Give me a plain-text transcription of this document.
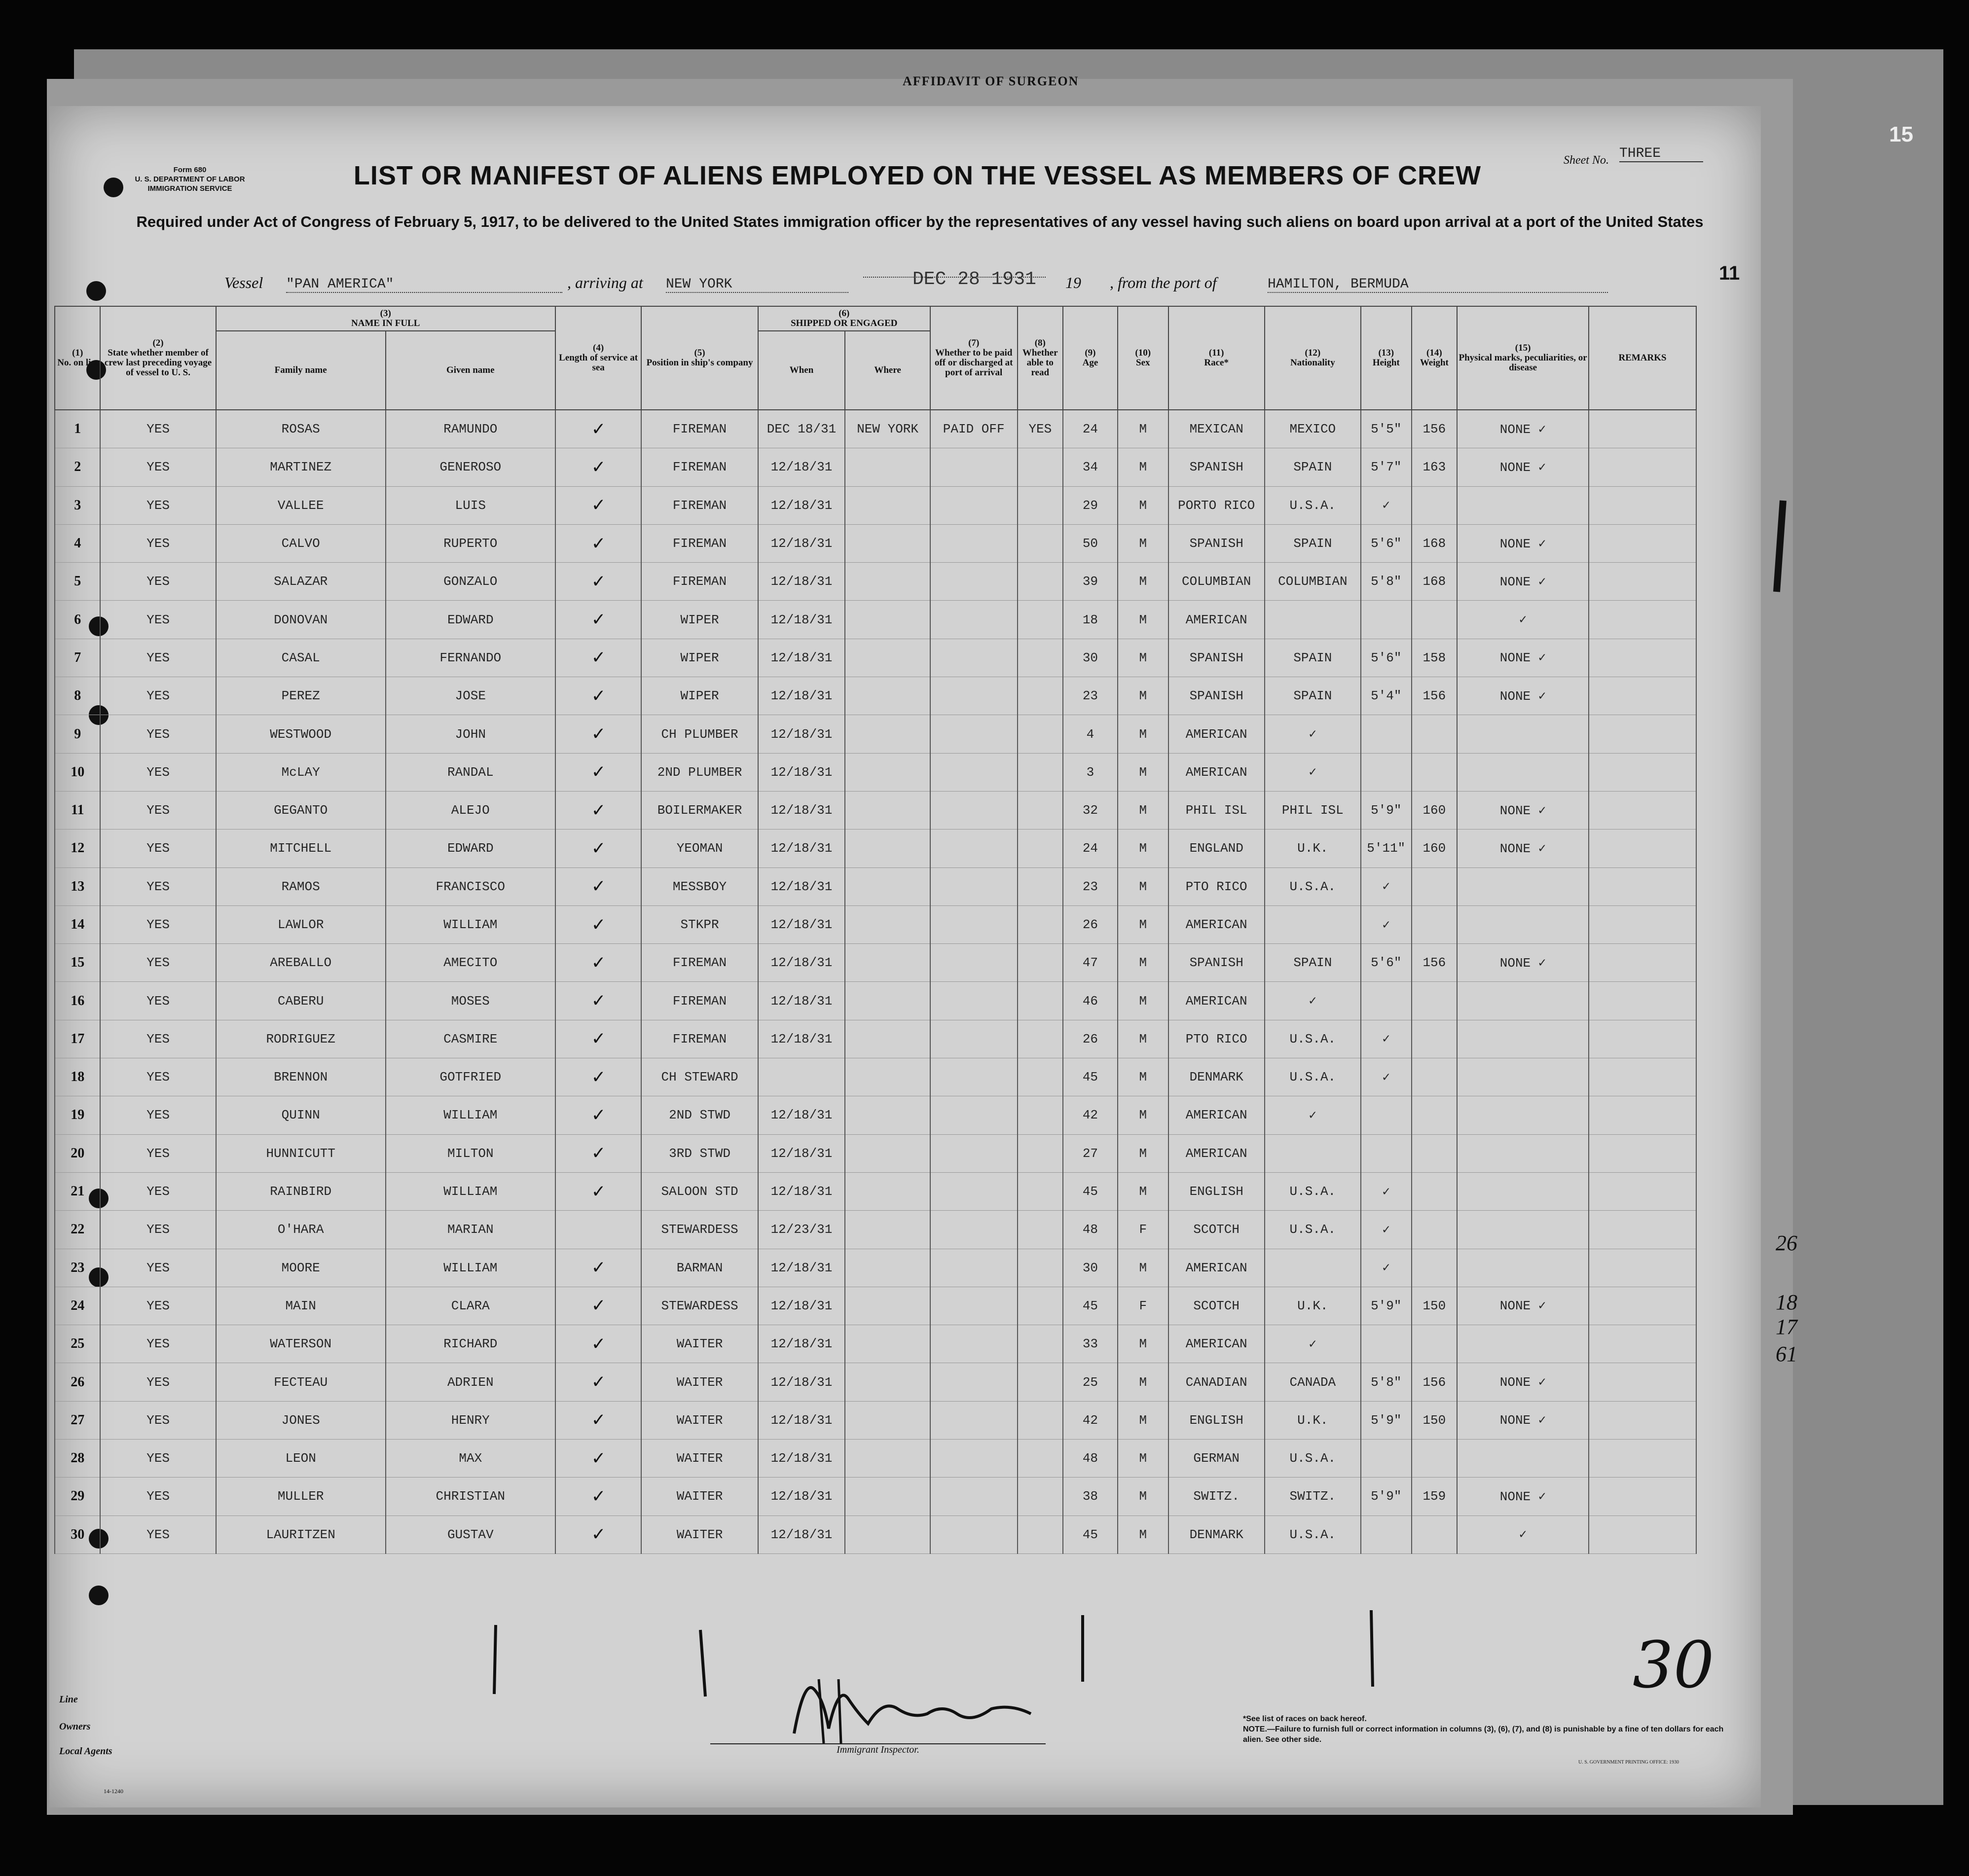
AFFIDAVIT OF SURGEON
15
Form 680
U. S. DEPARTMENT OF LABOR
IMMIGRATION SERVICE
Sheet No. THREE
LIST OR MANIFEST OF ALIENS EMPLOYED ON THE VESSEL AS MEMBERS OF CREW
Required under Act of Congress of February 5, 1917, to be delivered to the United States immigration officer by the representatives of any vessel having such aliens on board upon arrival at a port of the United States
Vessel "PAN AMERICA"	, arriving at NEW YORK	DEC 28 1931 19 , from the port of	HAMILTON, BERMUDA
11
(1)
No. on list	(2)
State whether member of crew last preceding voyage of vessel to U. S.	(3)
NAME IN FULL		(4)
Length of service at sea	(5)
Position in ship's company	(6)
SHIPPED OR ENGAGED		(7)
Whether to be paid off or discharged at port of arrival	(8)
Whether able to read	(9)
Age	(10)
Sex	(11)
Race*	(12)
Nationality	(13)
Height	(14)
Weight	(15)
Physical marks, peculiarities, or disease	REMARKS
		Family name	Given name			When	Where										
1	YES	ROSAS	RAMUNDO	✓	FIREMAN	DEC 18/31	NEW YORK	PAID OFF	YES	24	M	MEXICAN	MEXICO	5'5"	156	NONE ✓	
2	YES	MARTINEZ	GENEROSO	✓	FIREMAN	12/18/31				34	M	SPANISH	SPAIN	5'7"	163	NONE ✓	
3	YES	VALLEE	LUIS	✓	FIREMAN	12/18/31				29	M	PORTO RICO	U.S.A.	✓			
4	YES	CALVO	RUPERTO	✓	FIREMAN	12/18/31				50	M	SPANISH	SPAIN	5'6"	168	NONE ✓	
5	YES	SALAZAR	GONZALO	✓	FIREMAN	12/18/31				39	M	COLUMBIAN	COLUMBIAN	5'8"	168	NONE ✓	
6	YES	DONOVAN	EDWARD	✓	WIPER	12/18/31				18	M	AMERICAN				✓	
7	YES	CASAL	FERNANDO	✓	WIPER	12/18/31				30	M	SPANISH	SPAIN	5'6"	158	NONE ✓	
8	YES	PEREZ	JOSE	✓	WIPER	12/18/31				23	M	SPANISH	SPAIN	5'4"	156	NONE ✓	
9	YES	WESTWOOD	JOHN	✓	CH PLUMBER	12/18/31				4	M	AMERICAN	✓				
10	YES	McLAY	RANDAL	✓	2ND PLUMBER	12/18/31				3	M	AMERICAN	✓				
11	YES	GEGANTO	ALEJO	✓	BOILERMAKER	12/18/31				32	M	PHIL ISL	PHIL ISL	5'9"	160	NONE ✓	
12	YES	MITCHELL	EDWARD	✓	YEOMAN	12/18/31				24	M	ENGLAND	U.K.	5'11"	160	NONE ✓	
13	YES	RAMOS	FRANCISCO	✓	MESSBOY	12/18/31				23	M	PTO RICO	U.S.A.	✓			
14	YES	LAWLOR	WILLIAM	✓	STKPR	12/18/31				26	M	AMERICAN		✓			
15	YES	AREBALLO	AMECITO	✓	FIREMAN	12/18/31				47	M	SPANISH	SPAIN	5'6"	156	NONE ✓	
16	YES	CABERU	MOSES	✓	FIREMAN	12/18/31				46	M	AMERICAN	✓				
17	YES	RODRIGUEZ	CASMIRE	✓	FIREMAN	12/18/31				26	M	PTO RICO	U.S.A.	✓			
18	YES	BRENNON	GOTFRIED	✓	CH STEWARD					45	M	DENMARK	U.S.A.	✓			
19	YES	QUINN	WILLIAM	✓	2ND STWD	12/18/31				42	M	AMERICAN	✓				
20	YES	HUNNICUTT	MILTON	✓	3RD STWD	12/18/31				27	M	AMERICAN					
21	YES	RAINBIRD	WILLIAM	✓	SALOON STD	12/18/31				45	M	ENGLISH	U.S.A.	✓			
22	YES	O'HARA	MARIAN		STEWARDESS	12/23/31				48	F	SCOTCH	U.S.A.	✓			
23	YES	MOORE	WILLIAM	✓	BARMAN	12/18/31				30	M	AMERICAN		✓			
24	YES	MAIN	CLARA	✓	STEWARDESS	12/18/31				45	F	SCOTCH	U.K.	5'9"	150	NONE ✓	
25	YES	WATERSON	RICHARD	✓	WAITER	12/18/31				33	M	AMERICAN	✓				
26	YES	FECTEAU	ADRIEN	✓	WAITER	12/18/31				25	M	CANADIAN	CANADA	5'8"	156	NONE ✓	
27	YES	JONES	HENRY	✓	WAITER	12/18/31				42	M	ENGLISH	U.K.	5'9"	150	NONE ✓	
28	YES	LEON	MAX	✓	WAITER	12/18/31				48	M	GERMAN	U.S.A.				
29	YES	MULLER	CHRISTIAN	✓	WAITER	12/18/31				38	M	SWITZ.	SWITZ.	5'9"	159	NONE ✓	
30	YES	LAURITZEN	GUSTAV	✓	WAITER	12/18/31				45	M	DENMARK	U.S.A.			✓	
Line
Owners
Local Agents
14-1240
Immigrant Inspector.
*See list of races on back hereof.
NOTE.—Failure to furnish full or correct information in columns (3), (6), (7), and (8) is punishable by a fine of ten dollars for each alien. See other side.
30
26
18
17
61
U. S. GOVERNMENT PRINTING OFFICE: 1930
